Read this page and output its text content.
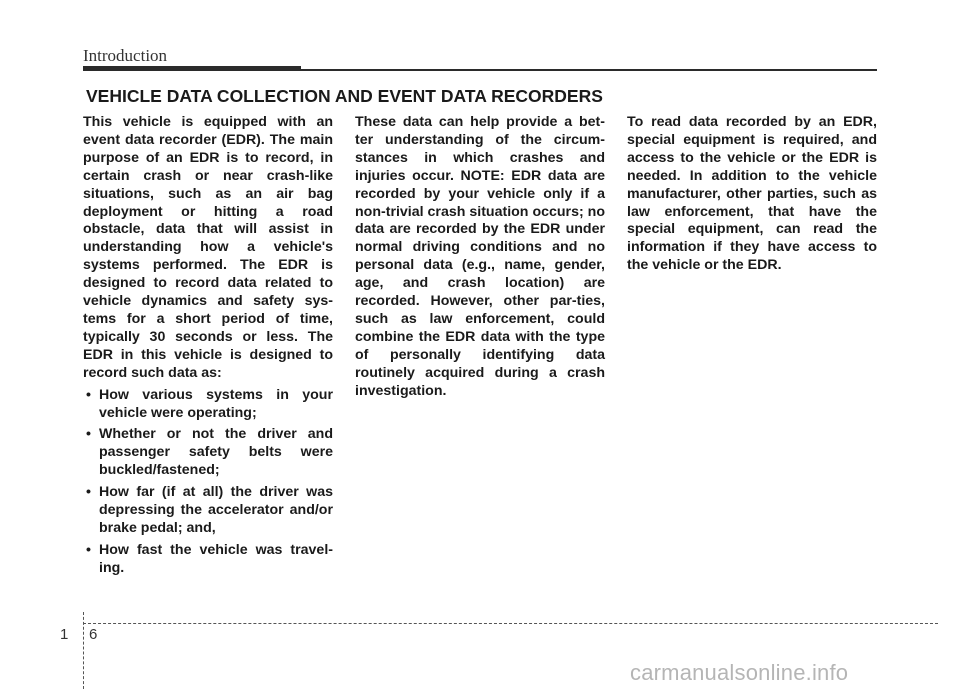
Introduction
VEHICLE DATA COLLECTION AND EVENT DATA RECORDERS

This vehicle is equipped with an event data recorder (EDR). The main purpose of an EDR is to record, in certain crash or near crash-like situations, such as an air bag deployment or hitting a road obstacle, data that will assist in understanding how a vehicle's systems performed. The EDR is designed to record data related to vehicle dynamics and safety sys-tems for a short period of time, typically 30 seconds or less. The EDR in this vehicle is designed to record such data as:

• How various systems in your vehicle were operating;
• Whether or not the driver and passenger safety belts were buckled/fastened;
• How far (if at all) the driver was depressing the accelerator and/or brake pedal; and,
• How fast the vehicle was travel-ing.

These data can help provide a bet-ter understanding of the circum-stances in which crashes and injuries occur. NOTE: EDR data are recorded by your vehicle only if a non-trivial crash situation occurs; no data are recorded by the EDR under normal driving conditions and no personal data (e.g., name, gender, age, and crash location) are recorded. However, other par-ties, such as law enforcement, could combine the EDR data with the type of personally identifying data routinely acquired during a crash investigation.

To read data recorded by an EDR, special equipment is required, and access to the vehicle or the EDR is needed. In addition to the vehicle manufacturer, other parties, such as law enforcement, that have the special equipment, can read the information if they have access to the vehicle or the EDR.

1 6
carmanualsonline.info
